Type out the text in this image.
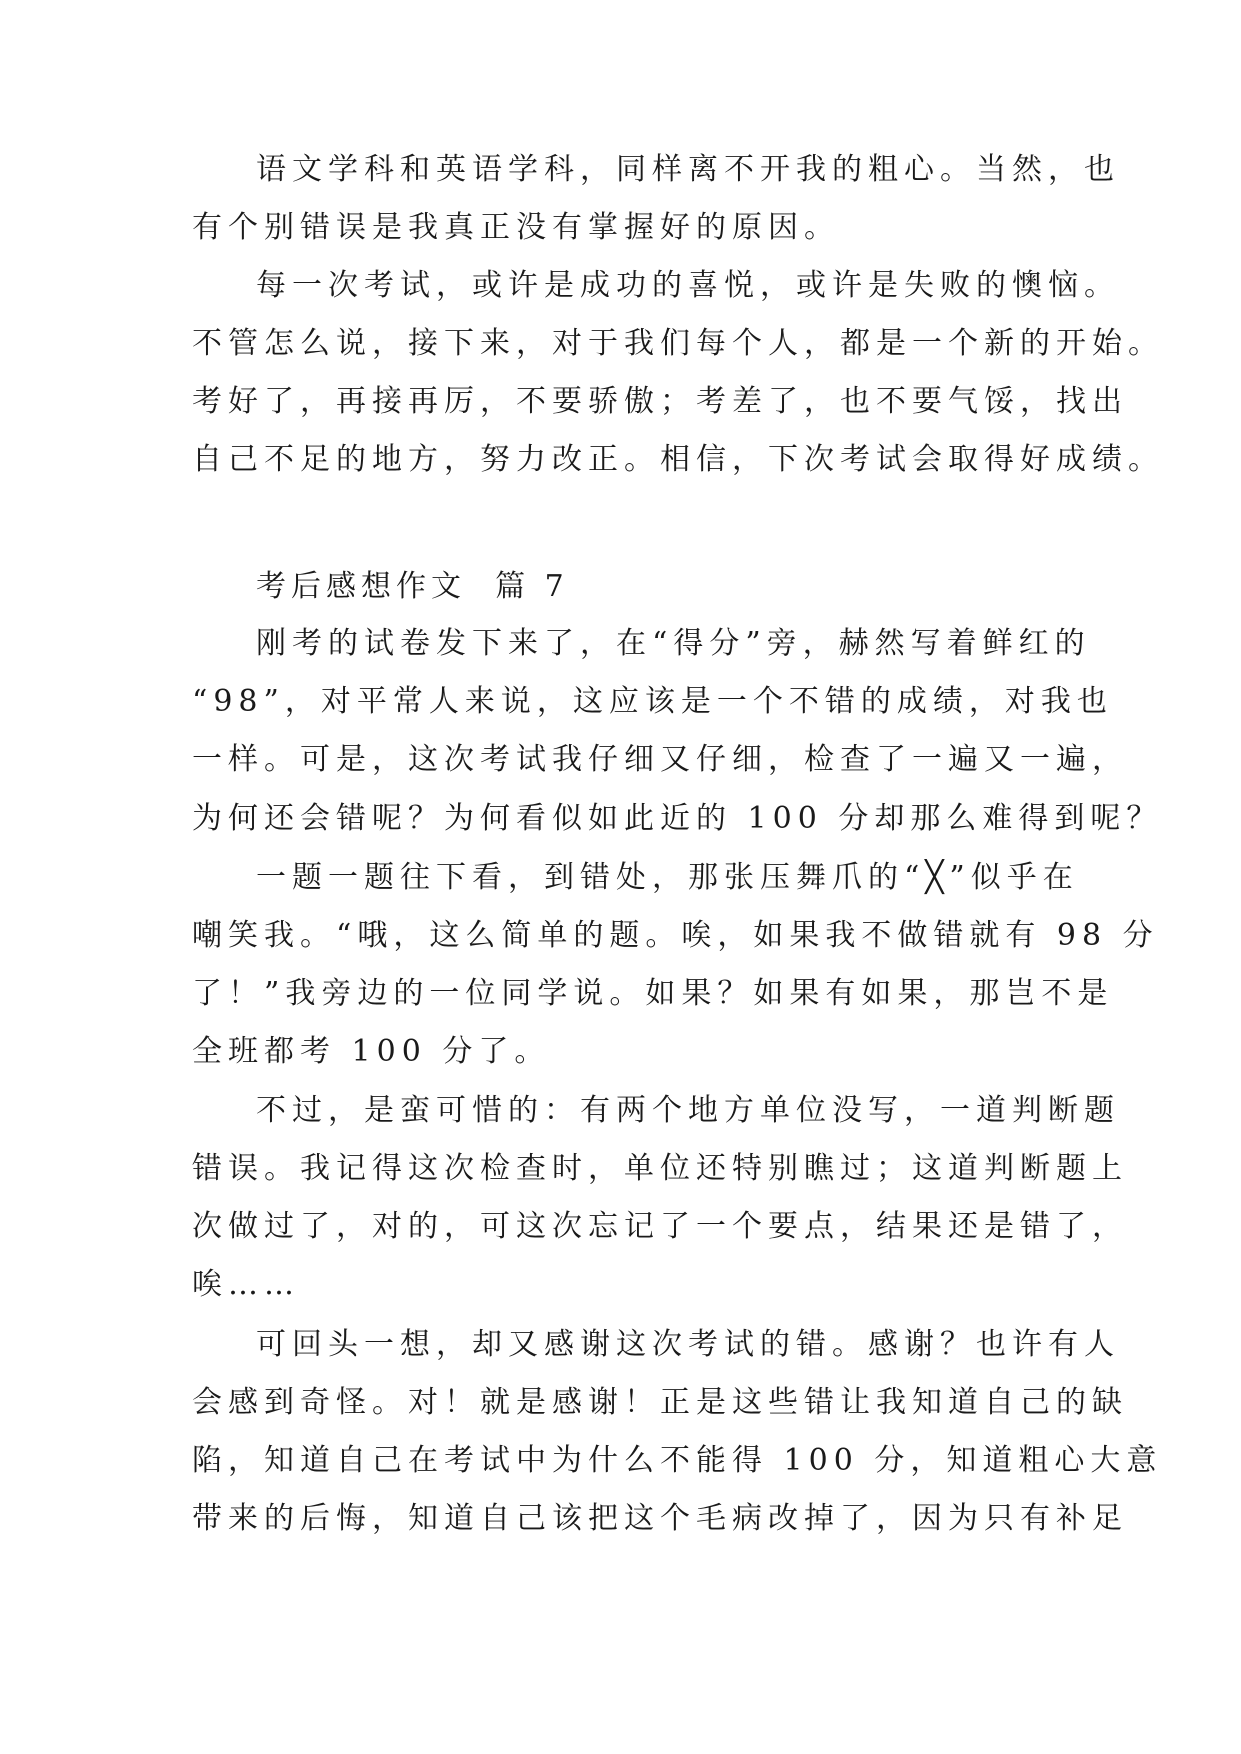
语文学科和英语学科，同样离不开我的粗心。当然，也
有个别错误是我真正没有掌握好的原因。
每一次考试，或许是成功的喜悦，或许是失败的懊恼。
不管怎么说，接下来，对于我们每个人，都是一个新的开始。
考好了，再接再厉，不要骄傲；考差了，也不要气馁，找出
自己不足的地方，努力改正。相信，下次考试会取得好成绩。
考后感想作文  篇 7
刚考的试卷发下来了，在“得分”旁，赫然写着鲜红的
“98”，对平常人来说，这应该是一个不错的成绩，对我也
一样。可是，这次考试我仔细又仔细，检查了一遍又一遍，
为何还会错呢？为何看似如此近的 100 分却那么难得到呢？
一题一题往下看，到错处，那张压舞爪的“╳”似乎在
嘲笑我。“哦，这么简单的题。唉，如果我不做错就有 98 分
了！”我旁边的一位同学说。如果？如果有如果，那岂不是
全班都考 100 分了。
不过，是蛮可惜的：有两个地方单位没写，一道判断题
错误。我记得这次检查时，单位还特别瞧过；这道判断题上
次做过了，对的，可这次忘记了一个要点，结果还是错了，
唉……
可回头一想，却又感谢这次考试的错。感谢？也许有人
会感到奇怪。对！就是感谢！正是这些错让我知道自己的缺
陷，知道自己在考试中为什么不能得 100 分，知道粗心大意
带来的后悔，知道自己该把这个毛病改掉了，因为只有补足
